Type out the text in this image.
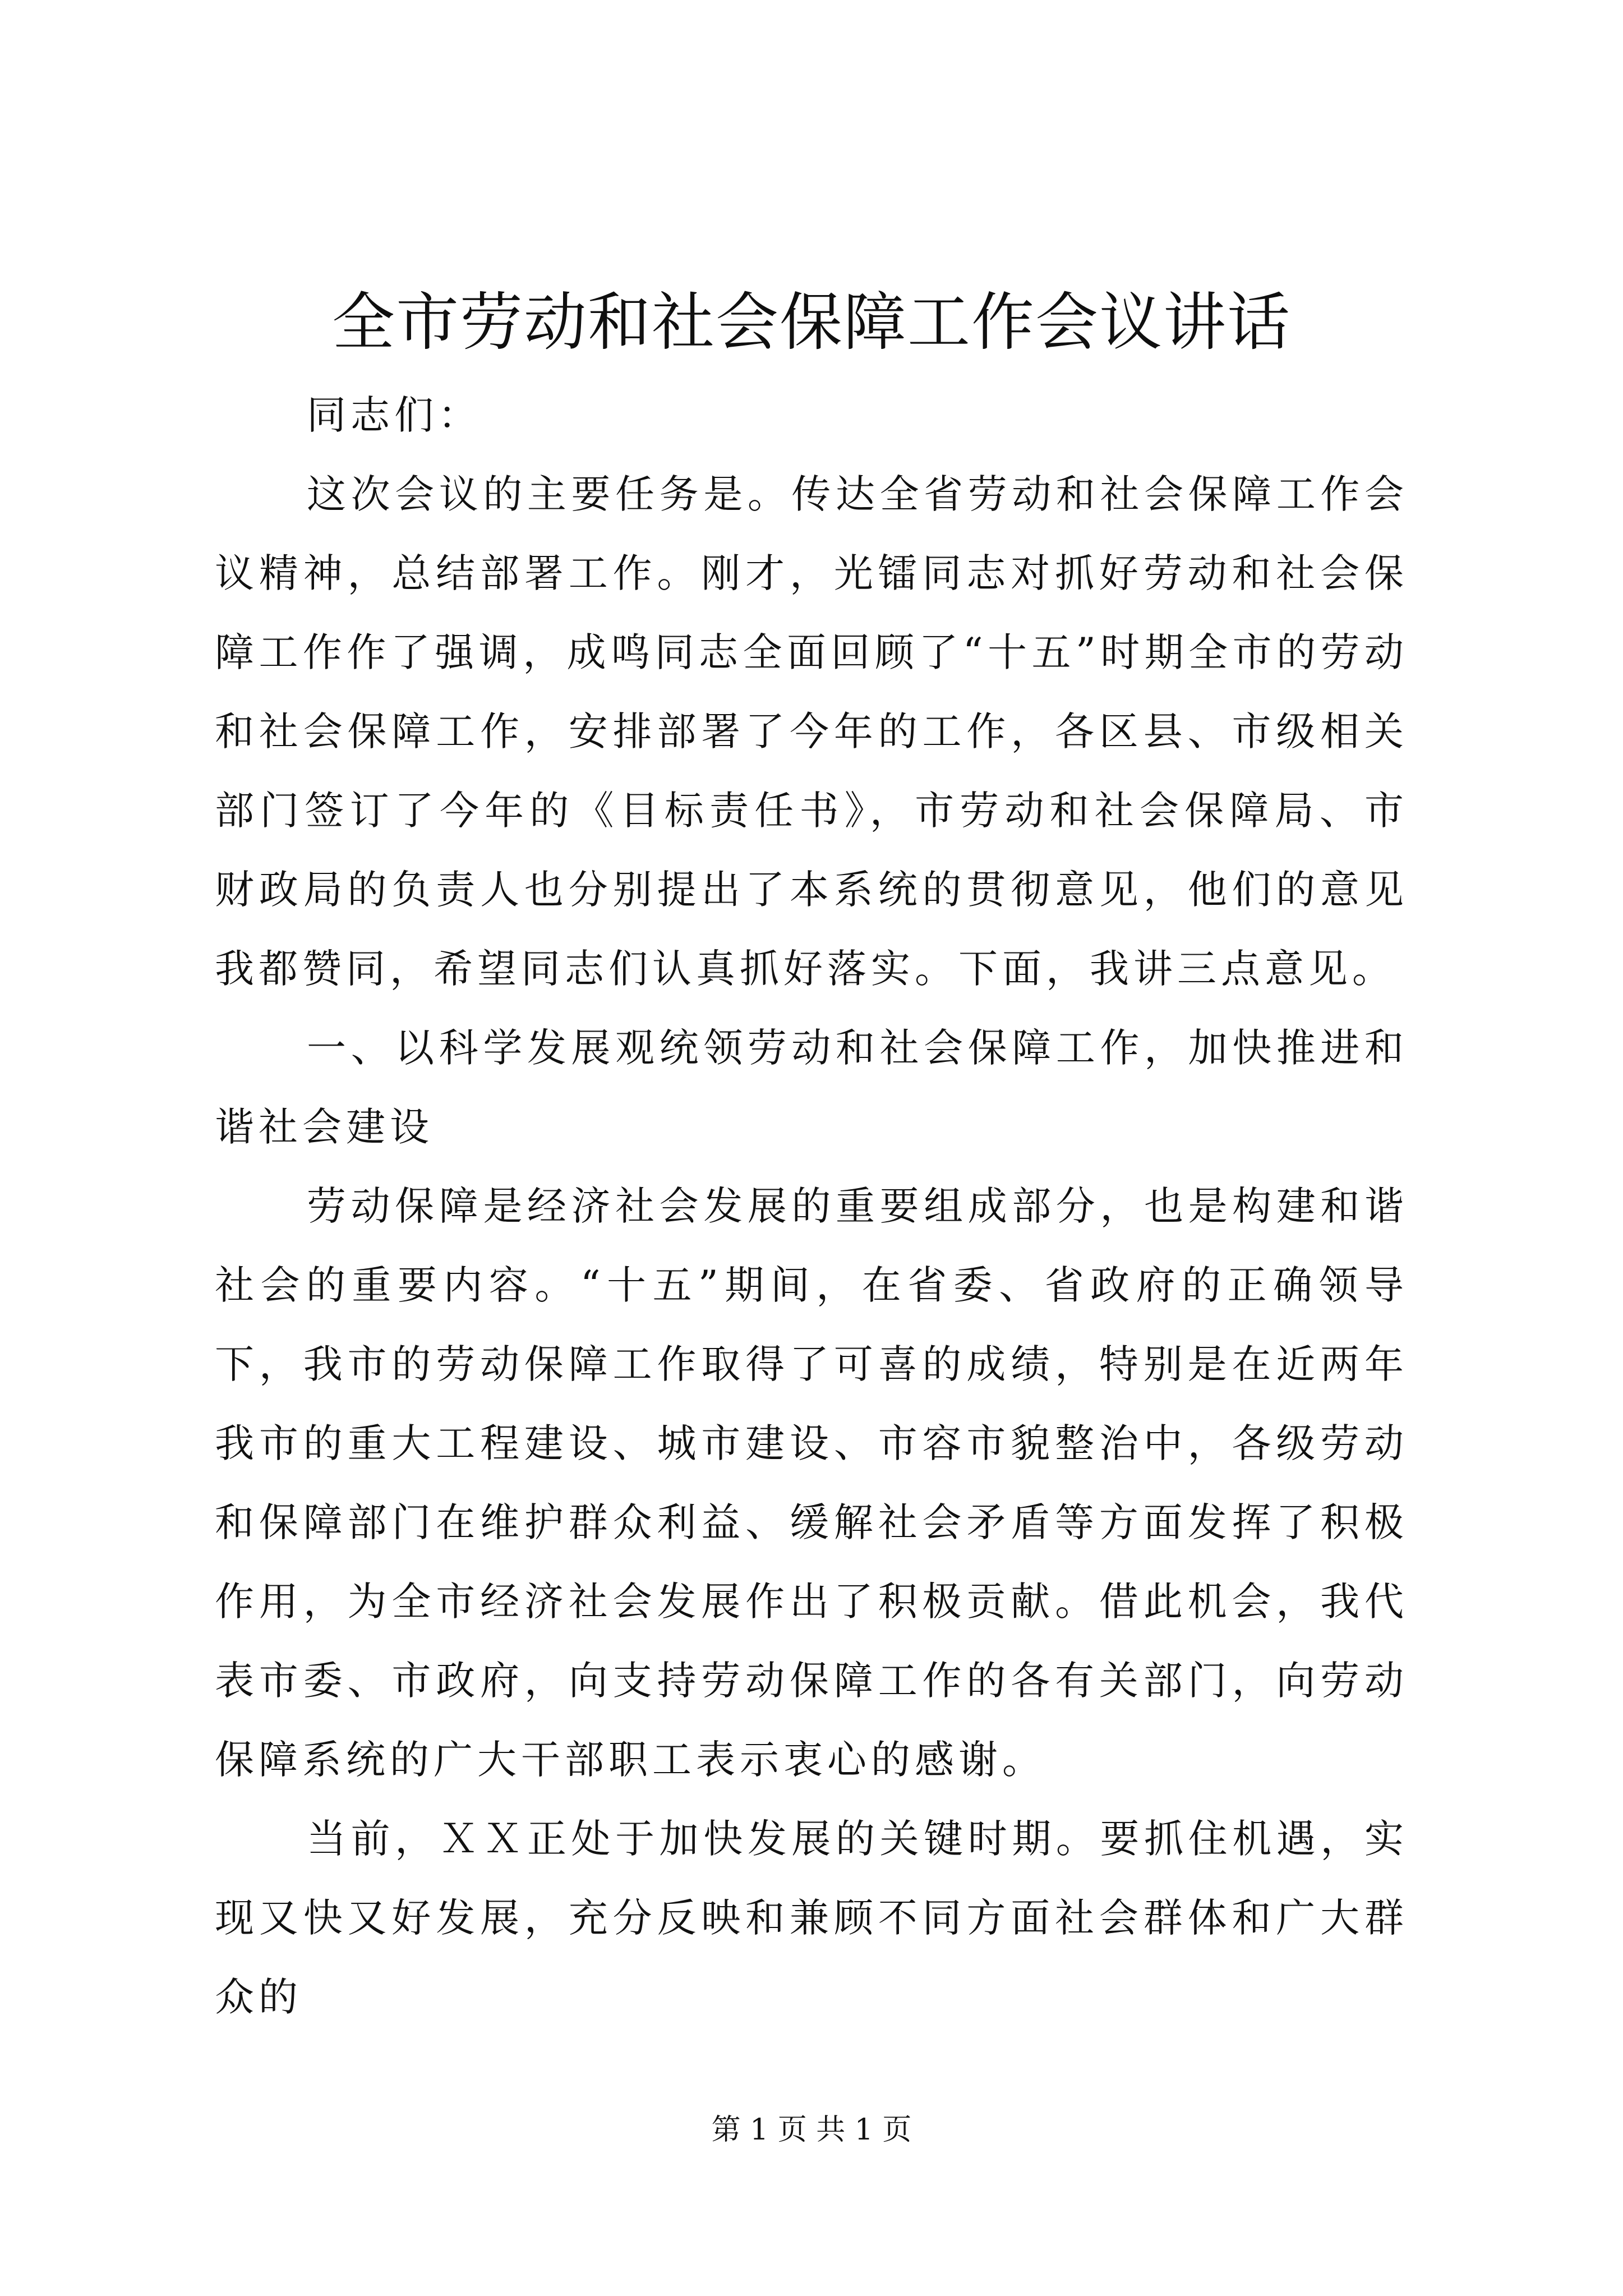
全市劳动和社会保障工作会议讲话

同志们：

这次会议的主要任务是。传达全省劳动和社会保障工作会议精神，总结部署工作。刚才，光镭同志对抓好劳动和社会保障工作作了强调，成鸣同志全面回顾了“十五”时期全市的劳动和社会保障工作，安排部署了今年的工作，各区县、市级相关部门签订了今年的《目标责任书》，市劳动和社会保障局、市财政局的负责人也分别提出了本系统的贯彻意见，他们的意见我都赞同，希望同志们认真抓好落实。下面，我讲三点意见。

一、以科学发展观统领劳动和社会保障工作，加快推进和谐社会建设

劳动保障是经济社会发展的重要组成部分，也是构建和谐社会的重要内容。“十五”期间，在省委、省政府的正确领导下，我市的劳动保障工作取得了可喜的成绩，特别是在近两年我市的重大工程建设、城市建设、市容市貌整治中，各级劳动和保障部门在维护群众利益、缓解社会矛盾等方面发挥了积极作用，为全市经济社会发展作出了积极贡献。借此机会，我代表市委、市政府，向支持劳动保障工作的各有关部门，向劳动保障系统的广大干部职工表示衷心的感谢。

当前，ＸＸ正处于加快发展的关键时期。要抓住机遇，实现又快又好发展，充分反映和兼顾不同方面社会群体和广大群众的

第 1 页 共 1 页
